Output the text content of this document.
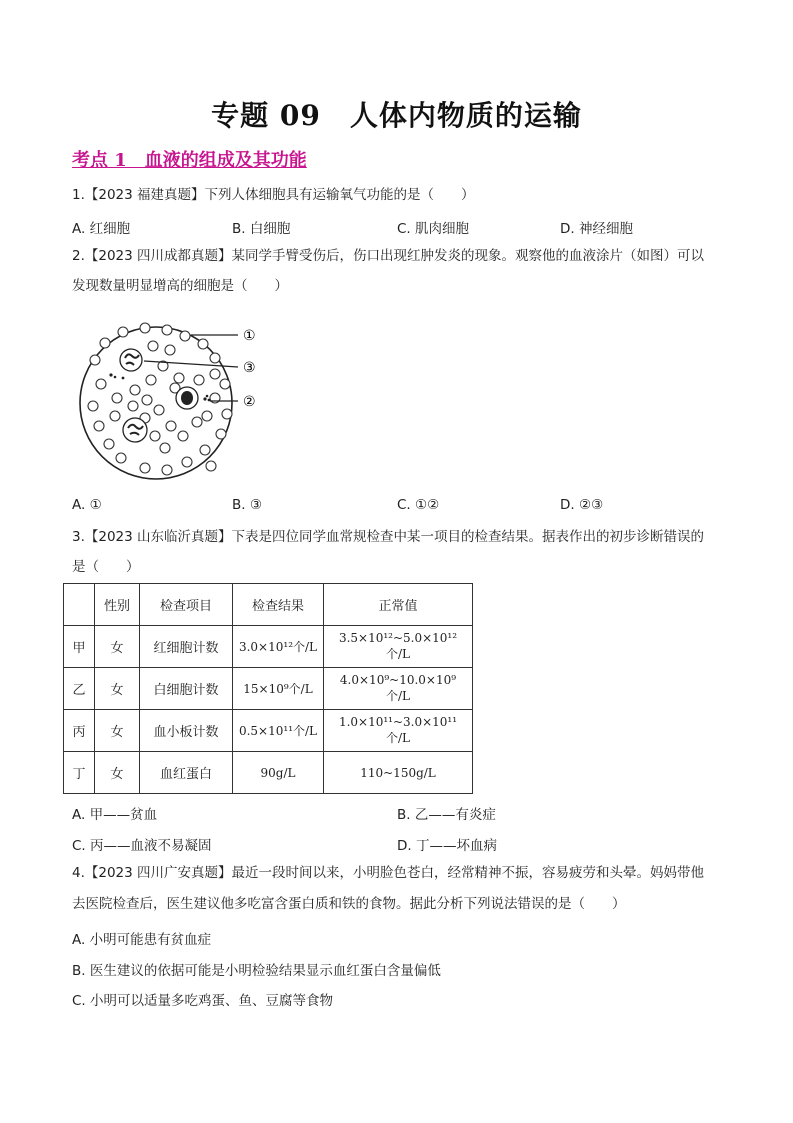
专题 09　人体内物质的运输
考点 1　血液的组成及其功能
1.【2023 福建真题】下列人体细胞具有运输氧气功能的是（　　）
A. 红细胞	B. 白细胞	C. 肌肉细胞	D. 神经细胞
2.【2023 四川成都真题】某同学手臂受伤后，伤口出现红肿发炎的现象。观察他的血液涂片（如图）可以
发现数量明显增高的细胞是（　　）
①
③
②
A. ①	B. ③	C. ①②	D. ②③
3.【2023 山东临沂真题】下表是四位同学血常规检查中某一项目的检查结果。据表作出的初步诊断错误的
是（　　）
	性别	检查项目	检查结果	正常值
甲	女	红细胞计数	3.0×10¹²个/L	3.5×10¹²~5.0×10¹²个/L
乙	女	白细胞计数	15×10⁹个/L	4.0×10⁹~10.0×10⁹个/L
丙	女	血小板计数	0.5×10¹¹个/L	1.0×10¹¹~3.0×10¹¹个/L
丁	女	血红蛋白	90g/L	110~150g/L
A. 甲——贫血	B. 乙——有炎症
C. 丙——血液不易凝固	D. 丁——坏血病
4.【2023 四川广安真题】最近一段时间以来，小明脸色苍白，经常精神不振，容易疲劳和头晕。妈妈带他
去医院检查后，医生建议他多吃富含蛋白质和铁的食物。据此分析下列说法错误的是（　　）
A. 小明可能患有贫血症
B. 医生建议的依据可能是小明检验结果显示血红蛋白含量偏低
C. 小明可以适量多吃鸡蛋、鱼、豆腐等食物
